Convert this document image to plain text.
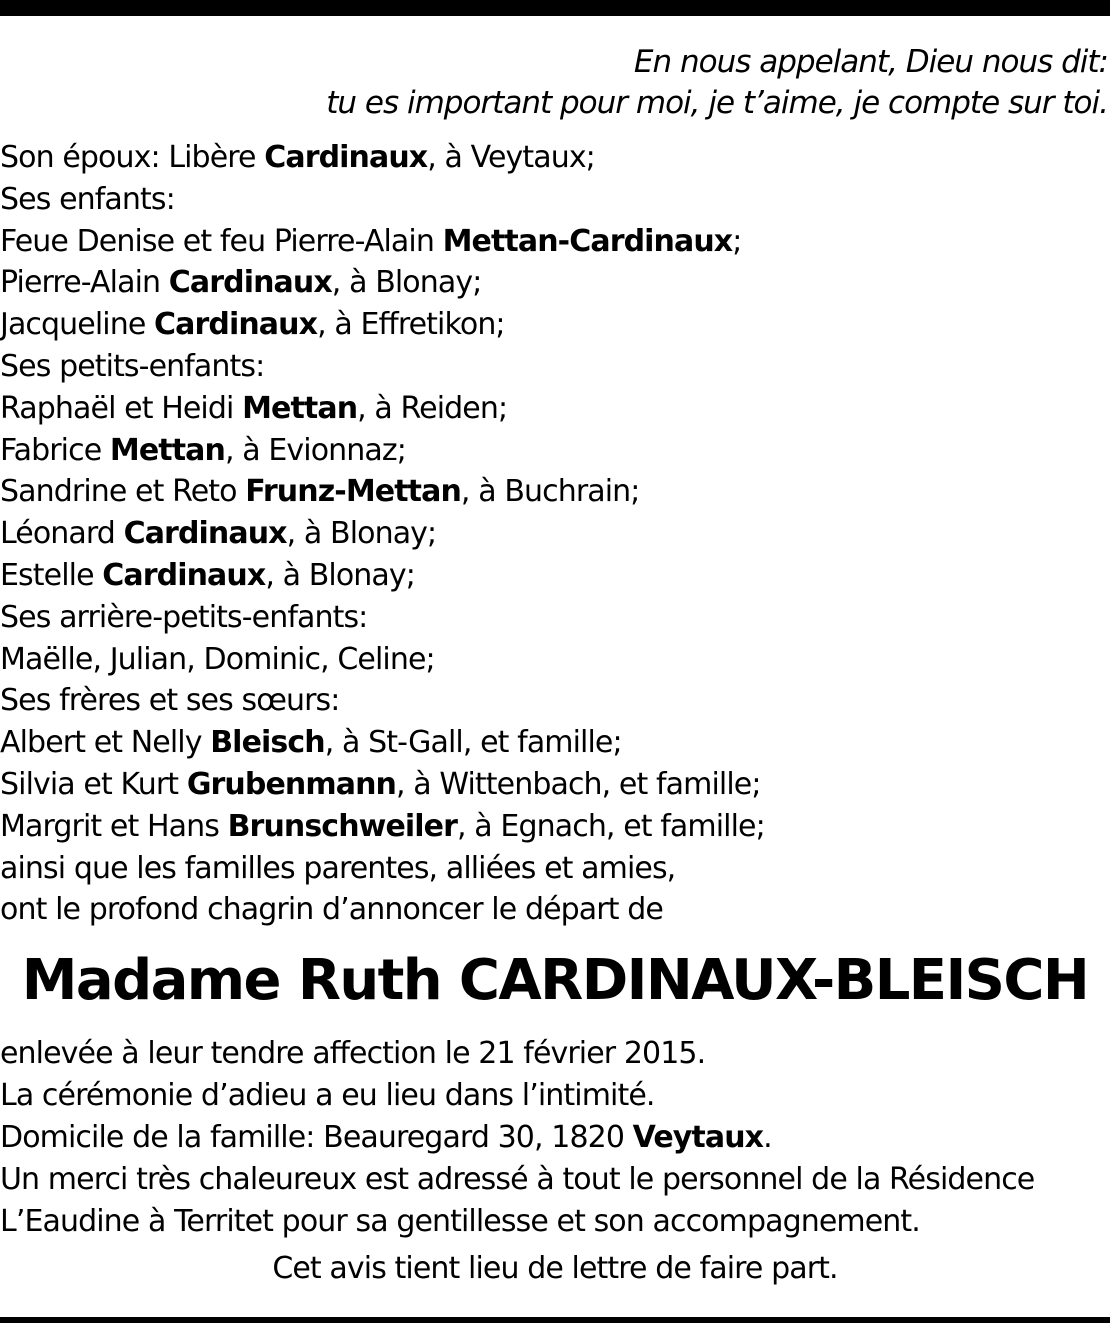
En nous appelant, Dieu nous dit:
tu es important pour moi, je t’aime, je compte sur toi.
Son époux: Libère Cardinaux, à Veytaux;
Ses enfants:
Feue Denise et feu Pierre-Alain Mettan-Cardinaux;
Pierre-Alain Cardinaux, à Blonay;
Jacqueline Cardinaux, à Effretikon;
Ses petits-enfants:
Raphaël et Heidi Mettan, à Reiden;
Fabrice Mettan, à Evionnaz;
Sandrine et Reto Frunz-Mettan, à Buchrain;
Léonard Cardinaux, à Blonay;
Estelle Cardinaux, à Blonay;
Ses arrière-petits-enfants:
Maëlle, Julian, Dominic, Celine;
Ses frères et ses sœurs:
Albert et Nelly Bleisch, à St-Gall, et famille;
Silvia et Kurt Grubenmann, à Wittenbach, et famille;
Margrit et Hans Brunschweiler, à Egnach, et famille;
ainsi que les familles parentes, alliées et amies,
ont le profond chagrin d’annoncer le départ de
Madame Ruth CARDINAUX-BLEISCH
enlevée à leur tendre affection le 21 février 2015.
La cérémonie d’adieu a eu lieu dans l’intimité.
Domicile de la famille: Beauregard 30, 1820 Veytaux.
Un merci très chaleureux est adressé à tout le personnel de la Résidence
L’Eaudine à Territet pour sa gentillesse et son accompagnement.
Cet avis tient lieu de lettre de faire part.
